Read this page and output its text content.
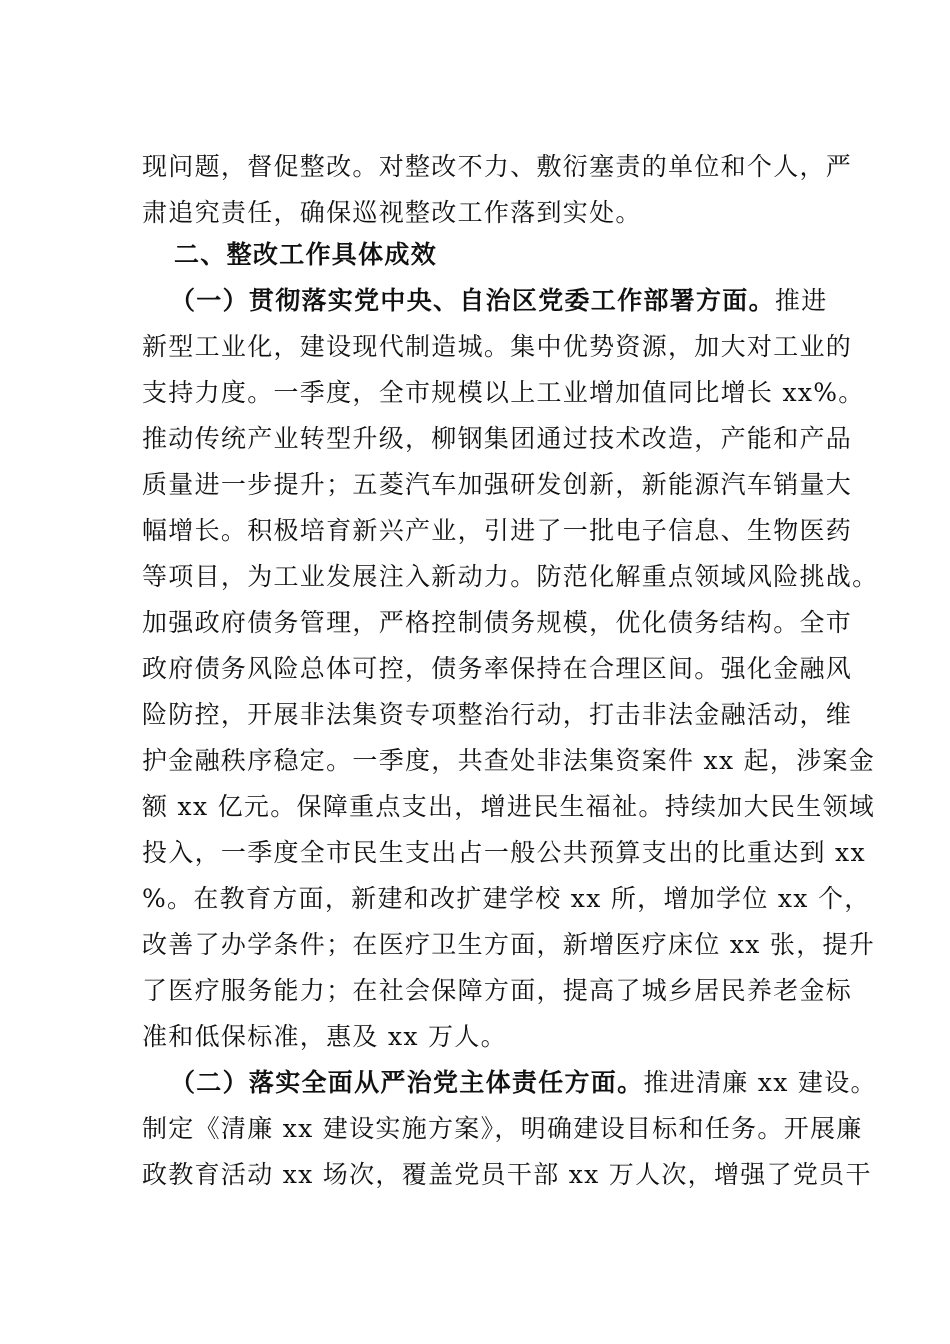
现问题，督促整改。对整改不力、敷衍塞责的单位和个人，严
肃追究责任，确保巡视整改工作落到实处。
二、整改工作具体成效
（一）贯彻落实党中央、自治区党委工作部署方面。推进
新型工业化，建设现代制造城。集中优势资源，加大对工业的
支持力度。一季度，全市规模以上工业增加值同比增长 xx%。
推动传统产业转型升级，柳钢集团通过技术改造，产能和产品
质量进一步提升；五菱汽车加强研发创新，新能源汽车销量大
幅增长。积极培育新兴产业，引进了一批电子信息、生物医药
等项目，为工业发展注入新动力。防范化解重点领域风险挑战。
加强政府债务管理，严格控制债务规模，优化债务结构。全市
政府债务风险总体可控，债务率保持在合理区间。强化金融风
险防控，开展非法集资专项整治行动，打击非法金融活动，维
护金融秩序稳定。一季度，共查处非法集资案件 xx 起，涉案金
额 xx 亿元。保障重点支出，增进民生福祉。持续加大民生领域
投入，一季度全市民生支出占一般公共预算支出的比重达到 xx
%。在教育方面，新建和改扩建学校 xx 所，增加学位 xx 个，
改善了办学条件；在医疗卫生方面，新增医疗床位 xx 张，提升
了医疗服务能力；在社会保障方面，提高了城乡居民养老金标
准和低保标准，惠及 xx 万人。
（二）落实全面从严治党主体责任方面。推进清廉 xx 建设。
制定《清廉 xx 建设实施方案》，明确建设目标和任务。开展廉
政教育活动 xx 场次，覆盖党员干部 xx 万人次，增强了党员干
